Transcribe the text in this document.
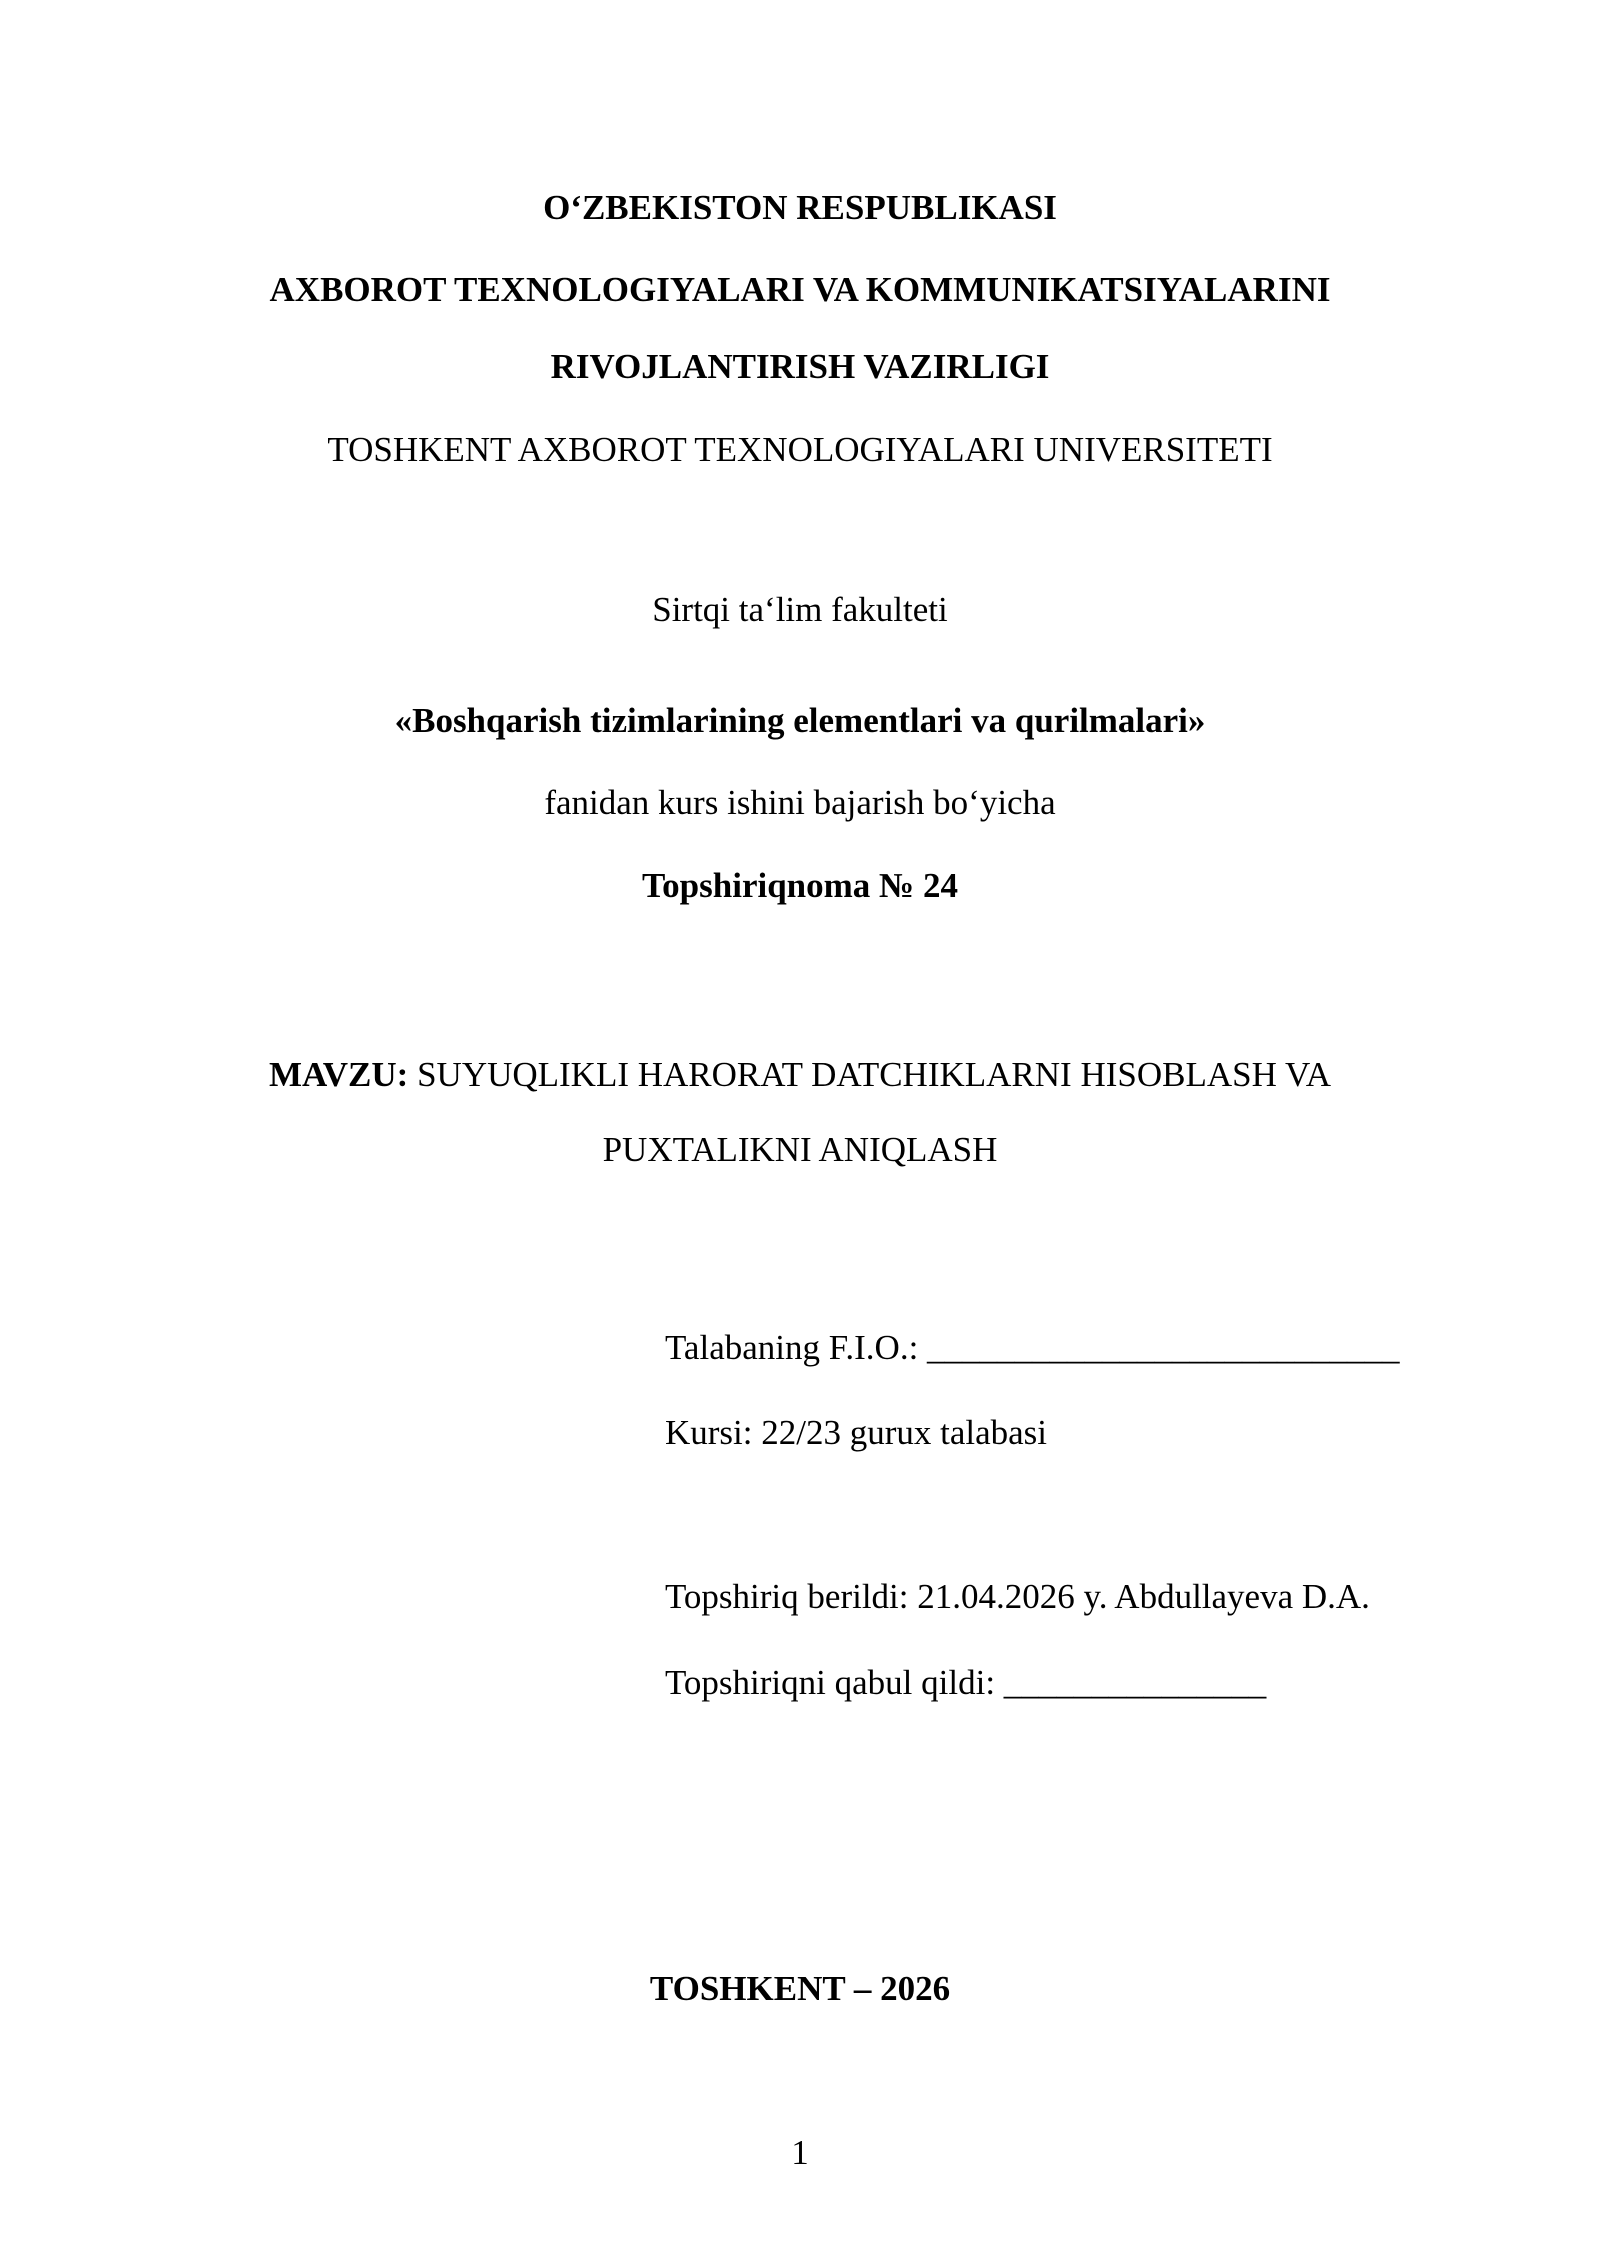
O‘ZBEKISTON RESPUBLIKASI
AXBOROT TEXNOLOGIYALARI VA KOMMUNIKATSIYALARINI
RIVOJLANTIRISH VAZIRLIGI
TOSHKENT AXBOROT TEXNOLOGIYALARI UNIVERSITETI
Sirtqi ta‘lim fakulteti
«Boshqarish tizimlarining elementlari va qurilmalari»
fanidan kurs ishini bajarish bo‘yicha
Topshiriqnoma № 24
MAVZU: SUYUQLIKLI HARORAT DATCHIKLARNI HISOBLASH VA
PUXTALIKNI ANIQLASH
Talabaning F.I.O.: ___________________________
Kursi: 22/23 gurux talabasi
Topshiriq berildi: 21.04.2026 y. Abdullayeva D.A.
Topshiriqni qabul qildi: _______________
TOSHKENT – 2026
1
